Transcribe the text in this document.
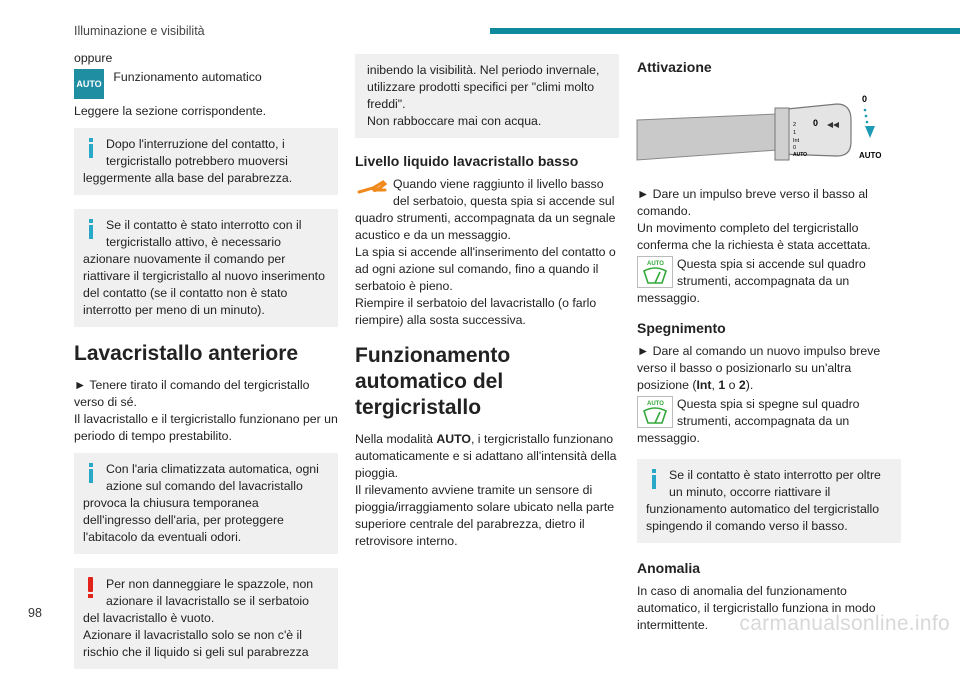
Illuminazione e visibilità

oppure

AUTO Funzionamento automatico

Leggere la sezione corrispondente.

Dopo l'interruzione del contatto, i tergicristallo potrebbero muoversi leggermente alla base del parabrezza.
Se il contatto è stato interrotto con il tergicristallo attivo, è necessario azionare nuovamente il comando per riattivare il tergicristallo al nuovo inserimento del contatto (se il contatto non è stato interrotto per meno di un minuto).
Lavacristallo anteriore

► Tenere tirato il comando del tergicristallo verso di sé.
Il lavacristallo e il tergicristallo funzionano per un periodo di tempo prestabilito.

Con l'aria climatizzata automatica, ogni azione sul comando del lavacristallo provoca la chiusura temporanea dell'ingresso dell'aria, per proteggere l'abitacolo da eventuali odori.
Per non danneggiare le spazzole, non azionare il lavacristallo se il serbatoio del lavacristallo è vuoto.
Azionare il lavacristallo solo se non c'è il rischio che il liquido si geli sul parabrezza
inibendo la visibilità. Nel periodo invernale, utilizzare prodotti specifici per "climi molto freddi".
Non rabboccare mai con acqua.
Livello liquido lavacristallo basso
Quando viene raggiunto il livello basso del serbatoio, questa spia si accende sul quadro strumenti, accompagnata da un segnale acustico e da un messaggio.
La spia si accende all'inserimento del contatto o ad ogni azione sul comando, fino a quando il serbatoio è pieno.
Riempire il serbatoio del lavacristallo (o farlo riempire) alla sosta successiva.
Funzionamento automatico del tergicristallo

Nella modalità AUTO, i tergicristallo funzionano automaticamente e si adattano all'intensità della pioggia.
Il rilevamento avviene tramite un sensore di pioggia/irraggiamento solare ubicato nella parte superiore centrale del parabrezza, dietro il retrovisore interno.

Attivazione
2
1
Int
0
AUTO
0
0
AUTO

► Dare un impulso breve verso il basso al comando.
Un movimento completo del tergicristallo conferma che la richiesta è stata accettata.

AUTO Questa spia si accende sul quadro strumenti, accompagnata da un messaggio.
Spegnimento

► Dare al comando un nuovo impulso breve verso il basso o posizionarlo su un'altra posizione (Int, 1 o 2).

AUTO Questa spia si spegne sul quadro strumenti, accompagnata da un messaggio.
Se il contatto è stato interrotto per oltre un minuto, occorre riattivare il funzionamento automatico del tergicristallo spingendo il comando verso il basso.
Anomalia

In caso di anomalia del funzionamento automatico, il tergicristallo funziona in modo intermittente.

98	carmanualsonline.info
